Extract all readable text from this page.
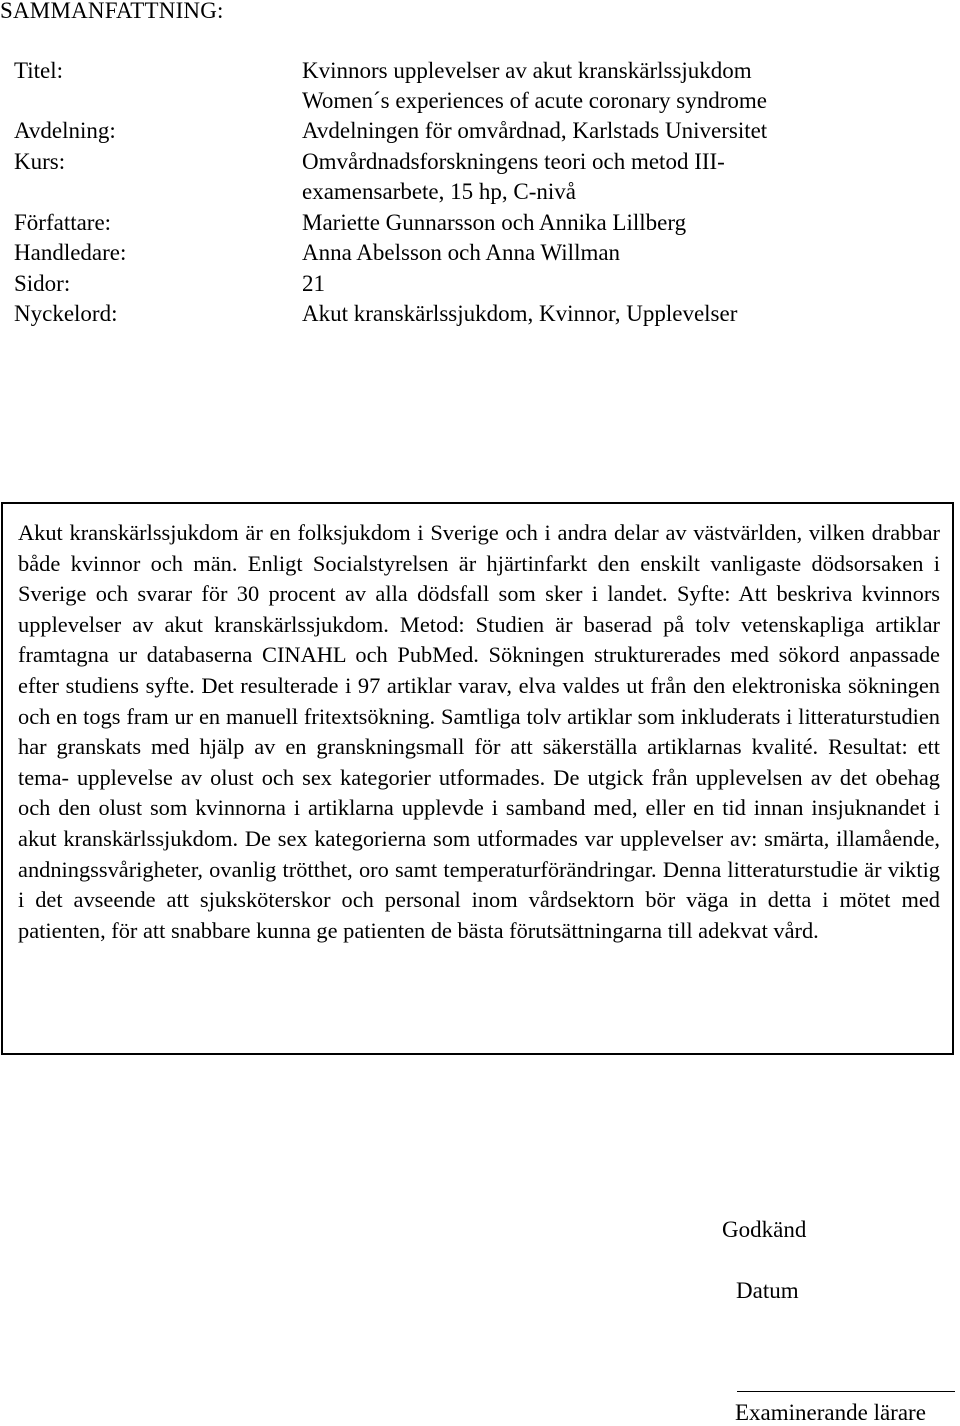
SAMMANFATTNING:
Titel:	Kvinnors upplevelser av akut kranskärlssjukdom
Women´s experiences of acute coronary syndrome
Avdelning:	Avdelningen för omvårdnad, Karlstads Universitet
Kurs:	Omvårdnadsforskningens teori och metod III-
examensarbete, 15 hp, C-nivå
Författare:	Mariette Gunnarsson och Annika Lillberg
Handledare:	Anna Abelsson och Anna Willman
Sidor:	21
Nyckelord:	Akut kranskärlssjukdom, Kvinnor, Upplevelser

Akut kranskärlssjukdom är en folksjukdom i Sverige och i andra delar av västvärlden, vilken drabbar både kvinnor och män. Enligt Socialstyrelsen är hjärtinfarkt den enskilt vanligaste dödsorsaken i Sverige och svarar för 30 procent av alla dödsfall som sker i landet. Syfte: Att beskriva kvinnors upplevelser av akut kranskärlssjukdom. Metod: Studien är baserad på tolv vetenskapliga artiklar framtagna ur databaserna CINAHL och PubMed. Sökningen strukturerades med sökord anpassade efter studiens syfte. Det resulterade i 97 artiklar varav, elva valdes ut från den elektroniska sökningen och en togs fram ur en manuell fritextsökning. Samtliga tolv artiklar som inkluderats i litteraturstudien har granskats med hjälp av en granskningsmall för att säkerställa artiklarnas kvalité. Resultat: ett tema- upplevelse av olust och sex kategorier utformades. De utgick från upplevelsen av det obehag och den olust som kvinnorna i artiklarna upplevde i samband med, eller en tid innan insjuknandet i akut kranskärlssjukdom. De sex kategorierna som utformades var upplevelser av: smärta, illamående, andningssvårigheter, ovanlig trötthet, oro samt temperaturförändringar. Denna litteraturstudie är viktig i det avseende att sjuksköterskor och personal inom vårdsektorn bör väga in detta i mötet med patienten, för att snabbare kunna ge patienten de bästa förutsättningarna till adekvat vård.

Godkänd
Datum
Examinerande lärare
